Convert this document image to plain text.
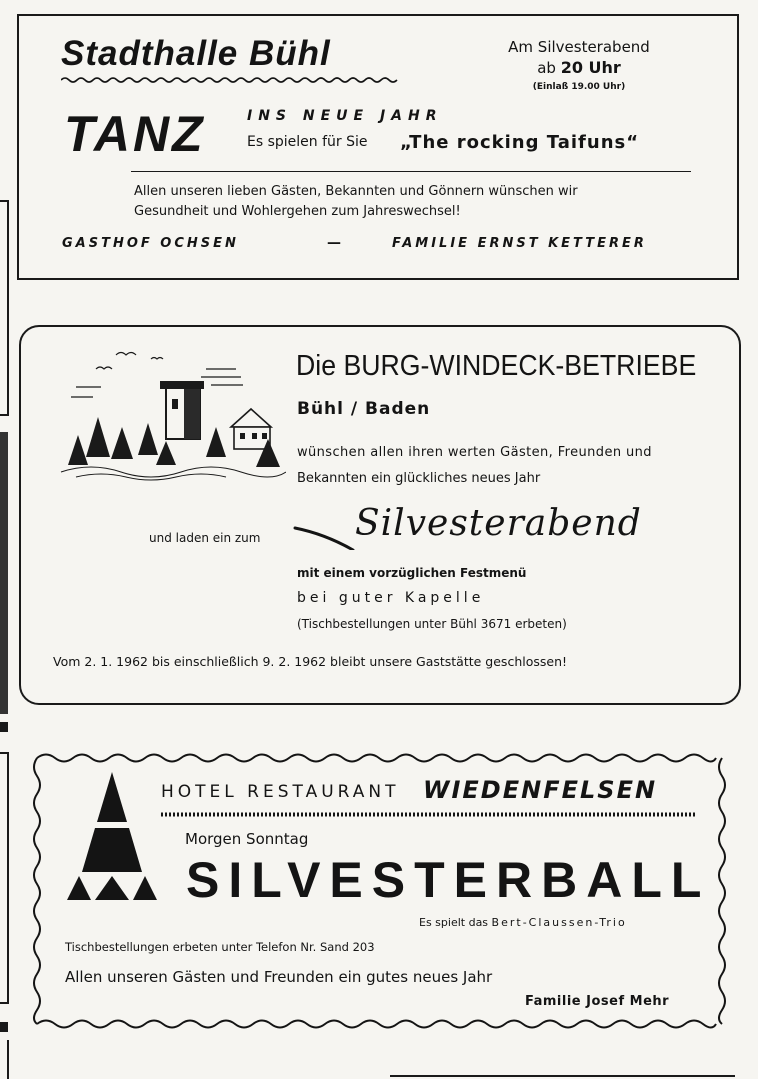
Stadthalle Bühl	Am Silvesterabend
ab 20 Uhr
(Einlaß 19.00 Uhr)
TANZ	INS NEUE JAHR
Es spielen für Sie „The rocking Taifuns“
Allen unseren lieben Gästen, Bekannten und Gönnern wünschen wir
Gesundheit und Wohlergehen zum Jahreswechsel!
GASTHOF OCHSEN	—	FAMILIE ERNST KETTERER
Die BURG-WINDECK-BETRIEBE
Bühl / Baden
wünschen allen ihren werten Gästen, Freunden und
Bekannten ein glückliches neues Jahr
und laden ein zum	Silvesterabend
mit einem vorzüglichen Festmenü
bei guter Kapelle
(Tischbestellungen unter Bühl 3671 erbeten)
Vom 2. 1. 1962 bis einschließlich 9. 2. 1962 bleibt unsere Gaststätte geschlossen!
HOTEL RESTAURANT WIEDENFELSEN
Morgen Sonntag
SILVESTERBALL
Es spielt das Bert-Claussen-Trio
Tischbestellungen erbeten unter Telefon Nr. Sand 203
Allen unseren Gästen und Freunden ein gutes neues Jahr
Familie Josef Mehr
